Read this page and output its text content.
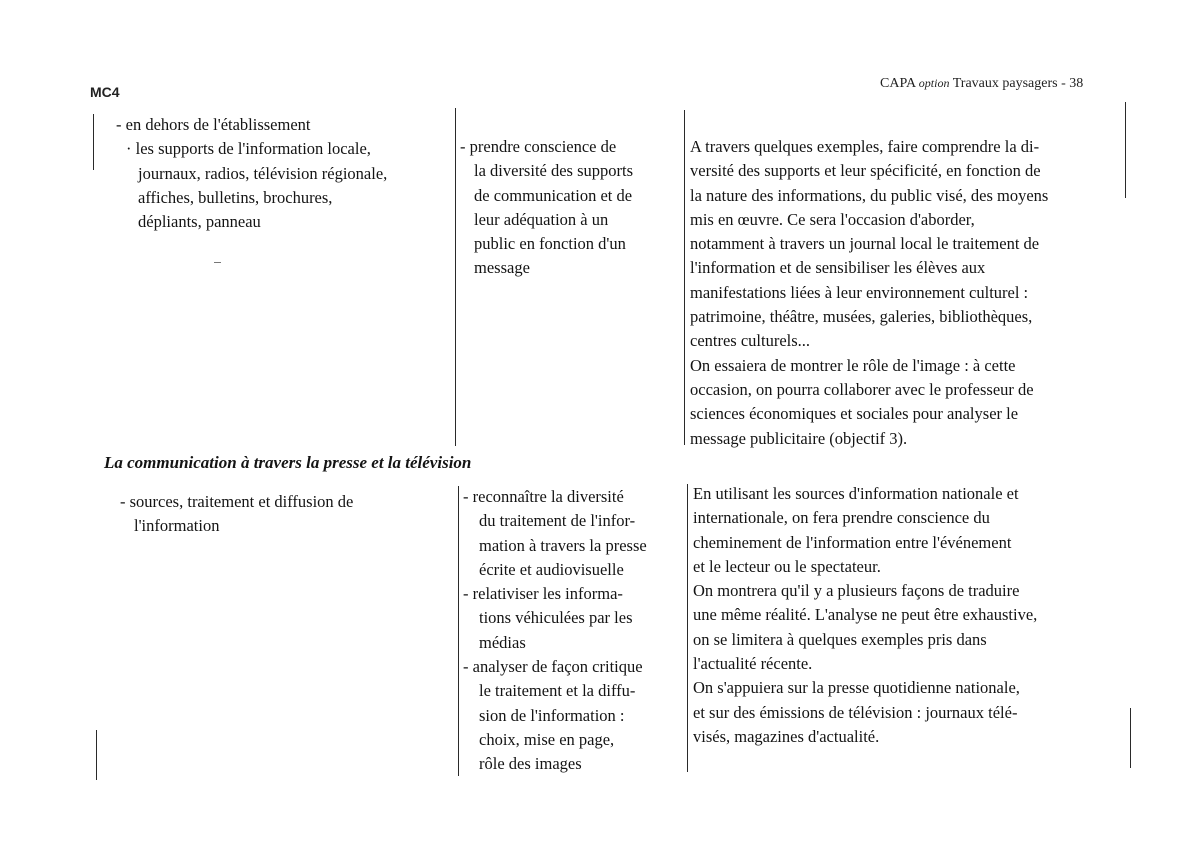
MC4
CAPA option Travaux paysagers - 38
- en dehors de l'établissement
· les supports de l'information locale,
journaux, radios, télévision régionale,
affiches, bulletins, brochures,
dépliants, panneau
- prendre conscience de
la diversité des supports
de communication et de
leur adéquation à un
public en fonction d'un
message
A travers quelques exemples, faire comprendre la di-
versité des supports et leur spécificité, en fonction de
la nature des informations, du public visé, des moyens
mis en œuvre. Ce sera l'occasion d'aborder,
notamment à travers un journal local le traitement de
l'information et de sensibiliser les élèves aux
manifestations liées à leur environnement culturel :
patrimoine, théâtre, musées, galeries, bibliothèques,
centres culturels...
On essaiera de montrer le rôle de l'image : à cette
occasion, on pourra collaborer avec le professeur de
sciences économiques et sociales pour analyser le
message publicitaire (objectif 3).
La communication à travers la presse et la télévision
- sources, traitement et diffusion de
l'information
- reconnaître la diversité
du traitement de l'infor-
mation à travers la presse
écrite et audiovisuelle
- relativiser les informa-
tions véhiculées par les
médias
- analyser de façon critique
le traitement et la diffu-
sion de l'information :
choix, mise en page,
rôle des images
En utilisant les sources d'information nationale et
internationale, on fera prendre conscience du
cheminement de l'information entre l'événement
et le lecteur ou le spectateur.
On montrera qu'il y a plusieurs façons de traduire
une même réalité. L'analyse ne peut être exhaustive,
on se limitera à quelques exemples pris dans
l'actualité récente.
On s'appuiera sur la presse quotidienne nationale,
et sur des émissions de télévision : journaux télé-
visés, magazines d'actualité.
